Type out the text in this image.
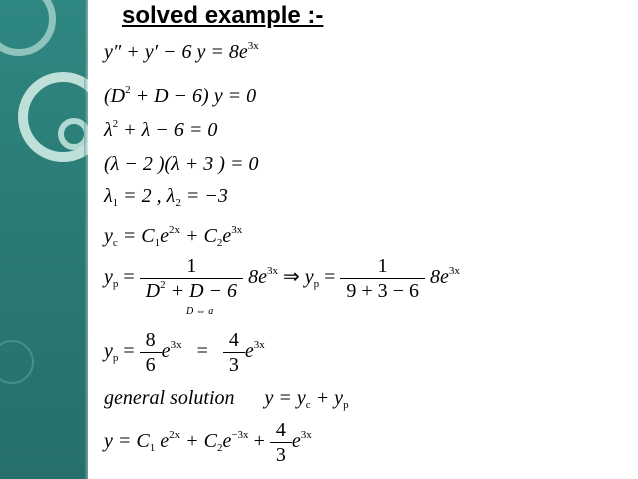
solved example :-
y″ + y′ − 6 $y = 8e^{3x}$
$(D^2 + D - 6) y = 0$
$\lambda^2 + \lambda - 6 = 0$
(λ − 2 )(λ + 3 ) = 0
$\lambda_1 = 2$ , $\lambda_2 = -3$
$y_c = C_1e^{2x} + C_2e^{3x}$
$y_p = \frac{1}{D^2 + D - 6} 8e^{3x}$ ⇒ $y_p = \frac{1}{9 + 3 - 6} 8e^{3x}$
D ⇔ a
$y_p = \frac{8}{6} e^{3x} = \frac{4}{3} e^{3x}$
general solution $y = y_c + y_p$
$y = C_1$ $e^{2x} + C_2e^{-3x} + \frac{4}{3} e^{3x}$
